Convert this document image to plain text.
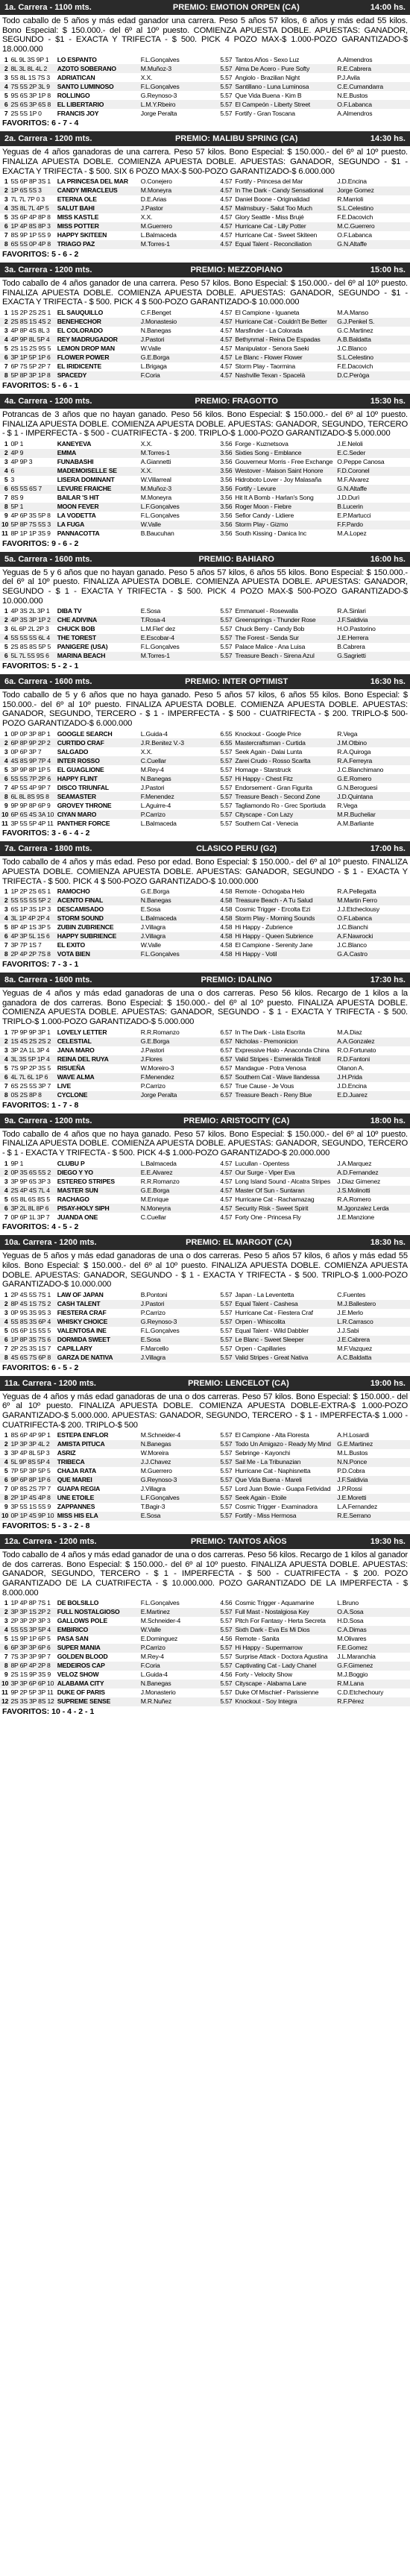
1a. Carrera - 1100 mts.	PREMIO: EMOTION ORPEN (CA)	14:00 hs.
Todo caballo de 5 años y más edad ganador una carrera. Peso 5 años 57 kilos, 6 años y más edad 55 kilos. Bono Especial: $ 150.000.- del 6º al 10º puesto. COMIENZA APUESTA DOBLE. APUESTAS: GANADOR, SEGUNDO - $1 - EXACTA Y TRIFECTA - $ 500. PICK 4 POZO MAX-$ 1.000-POZO GARANTIZADO-$ 18.000.000
1	6L 9L 3S 9P 1	LO ESPANTO	F.L.Gonçalves	5.57	Tantos Años - Sexo Luz	A.Almendros
2	8L 3L 8L 4L 2	AZOTO SOBERANO	M.Muñoz-3	5.57	Alma De Acero - Pure Softy	R.E.Cabrera
3	5S 8L 1S 7S 3	ADRIATICAN	X.X.	5.57	Angiolo - Brazilian Night	P.J.Avila
4	7S 5S 2P 3L 9	SANTO LUMINOSO	F.L.Gonçalves	5.57	Santillano - Luna Luminosa	C.E.Cumandarra
5	9S 6S 3P 1P 8	ROLLINGO	G.Reynoso-3	5.57	Que Vida Buena - Kim B	N.E.Bustos
6	2S 6S 3P 6S 8	EL LIBERTARIO	L.M.Y.Rbeiro	5.57	El Campeón - Liberty Street	O.F.Labanca
7	2S 5S 1P 0	FRANCIS JOY	Jorge Peralta	5.57	Fortify - Gran Toscana	A.Almendros
FAVORITOS: 6 - 7 - 4
2a. Carrera - 1200 mts.	PREMIO: MALIBU SPRING (CA)	14:30 hs.
Yeguas de 4 años ganadoras de una carrera. Peso 57 kilos. Bono Especial: $ 150.000.- del 6º al 10º puesto. FINALIZA APUESTA DOBLE. COMIENZA APUESTA DOBLE. APUESTAS: GANADOR, SEGUNDO - $1 - EXACTA Y TRIFECTA - $ 500. SIX 6 POZO MAX-$ 500-POZO GARANTIZADO-$ 6.000.000
1	5S 6P 8P 3S 1	LA PRINCESA DEL MAR	O.Conejero	4.57	Fortify - Princesa del Mar	J.D.Encina
2	1P 6S 5S 3	CANDY MIRACLEUS	M.Moneyra	4.57	In The Dark - Candy Sensational	Jorge Gomez
3	7L 7L 7P 0 3	ETERNA OLE	D.E.Arias	4.57	Daniel Boone - Originalidad	R.Marrioli
4	3S 8L 7L 4P 5	SALUT BAHI	J.Pastor	4.57	Malmsbury - Salut Too Much	S.L.Celestino
5	3S 6P 4P 8P 8	MISS KASTLE	X.X.	4.57	Glory Seattle - Miss Brujé	F.E.Dacovich
6	1P 4P 8S 8P 3	MISS POTTER	M.Guerrero	4.57	Hurricane Cat - Lilly Potter	M.C.Guerrero
7	8S 9P 1P 5S 9	HAPPY SKITEEN	L.Balmaceda	4.57	Hurricane Cat - Sweet Skiteen	O.F.Labanca
8	6S 5S 0P 4P 8	TRIAGO PAZ	M.Torres-1	4.57	Equal Talent - Reconciliation	G.N.Altaffe
FAVORITOS: 5 - 6 - 2
3a. Carrera - 1200 mts.	PREMIO: MEZZOPIANO	15:00 hs.
Todo caballo de 4 años ganador de una carrera. Peso 57 kilos. Bono Especial: $ 150.000.- del 6º al 10º puesto. FINALIZA APUESTA DOBLE. COMIENZA APUESTA DOBLE. APUESTAS: GANADOR, SEGUNDO - $1 - EXACTA Y TRIFECTA - $ 500. PICK 4 $ 500-POZO GARANTIZADO-$ 10.000.000
1	1S 2P 2S 2S 1	EL SAUQUILLO	C.F.Benget	4.57	El Campione - Iguaneta	M.A.Manso
2	2S 8S 1S 4S 2	BENEHECHOR	J.Monastesio	4.57	Hurricane Cat - Couldn't Be Better	G.J.Penkel S.
3	4P 8P 4S 8L 3	EL COLORADO	N.Banegas	4.57	Marsfinder - La Colorada	G.C.Martinez
4	4P 9P 8L 5P 4	REY MADRUGADOR	J.Pastori	4.57	Bethynmal - Reina De Espadas	A.B.Baldatta
5	2S 1S 2S 9S 5	LEMON DROP MAN	W.Valle	4.57	Manipulator - Senora Saeki	J.C.Blanco
6	3P 1P 5P 1P 6	FLOWER POWER	G.E.Borga	4.57	Le Blanc - Flower Flower	S.L.Celestino
7	6P 7S 5P 2P 7	EL IRIDICENTE	L.Brigaga	4.57	Storm Play - Taormina	F.E.Dacovich
8	5P 8P 3P 1P 8	SPACEDY	F.Coria	4.57	Nashville Texan - Spacelà	D.C.Peròga
FAVORITOS: 5 - 6 - 1
4a. Carrera - 1200 mts.	PREMIO: FRAGOTTO	15:30 hs.
Potrancas de 3 años que no hayan ganado. Peso 56 kilos. Bono Especial: $ 150.000.- del 6º al 10º puesto. FINALIZA APUESTA DOBLE. COMIENZA APUESTA DOBLE. APUESTAS: GANADOR, SEGUNDO, TERCERO - $ 1 - IMPERFECTA - $ 500 - CUATRIFECTA - $ 200. TRIPLO-$ 1.000-POZO GARANTIZADO-$ 5.000.000
1	0P 1	KANEYEVA	X.X.	3.56	Forge - Kuznetsova	J.E.Neloli
2	4P 9	EMMA	M.Torres-1	3.56	Sixties Song - Emblance	E.C.Seder
3	4P 9P 3	FUNABASHI	A.Giannetti	3.56	Gouverneur Morris - Free Exchange	O.Peppe Canosa
4	6	MADEMOISELLE SE	X.X.	3.56	Westover - Maison Saint Honore	F.D.Coronel
5	3	LISERA DOMINANT	W.Villarreal	3.56	Hidroboto Lover - Joy Malasaña	M.F.Alvarez
6	6S 5S 6S 7	LEVURE FRAICHE	M.Muñoz-3	3.56	Fortify - Levure	G.N.Altaffe
7	8S 9	BAILAR 'S HIT	M.Moneyra	3.56	Hit It A Bomb - Harlan's Song	J.D.Durì
8	5P 1	MOON FEVER	L.F.Gonçalves	3.56	Roger Moon - Fiebre	B.Lucerin
9	4P 6P 3S 5P 8	LA VODETTA	F.L.Gonçalves	3.56	Sefior Candy - Lidiere	E.P.Martucci
10	5P 8P 7S 5S 3	LA FUGA	W.Valle	3.56	Storm Play - Gizmo	F.F.Pardo
11	8P 1P 1P 3S 9	PANNACOTTA	B.Baucuhan	3.56	South Kissing - Danica Inc	M.A.Lopez
FAVORITOS: 9 - 6 - 2
5a. Carrera - 1600 mts.	PREMIO: BAHIARO	16:00 hs.
Yeguas de 5 y 6 años que no hayan ganado. Peso 5 años 57 kilos, 6 años 55 kilos. Bono Especial: $ 150.000.- del 6º al 10º puesto. FINALIZA APUESTA DOBLE. COMIENZA APUESTA DOBLE. APUESTAS: GANADOR, SEGUNDO - $ 1 - EXACTA Y TRIFECTA - $ 500. PICK 4 POZO MAX-$ 500-POZO GARANTIZADO-$ 10.000.000
1	4P 3S 2L 3P 1	DIBA TV	E.Sosa	5.57	Emmanuel - Rosewalla	R.A.Sinlari
2	4P 3S 3P 1P 2	CHE ADIVINA	T.Rosa-4	5.57	Greensprings - Thunder Rose	J.F.Saldivia
3	6L 6P 2L 2P 3	CHUCK BOB	L.M.Flet' dez	5.57	Chuck Berry - Candy Bob	H.O.Pastorino
4	5S 5S 5S 6L 4	THE TOREST	E.Escobar-4	5.57	The Forest - Senda Sur	J.E.Herrera
5	2S 8S 8S 5P 5	PANIGERE (USA)	F.L.Gonçalves	5.57	Palace Malice - Ana Luisa	B.Cabrera
6	5L 7L 5S 9S 6	MARINA BEACH	M.Torres-1	5.57	Treasure Beach - Sirena Azul	G.Sagrietti
FAVORITOS: 5 - 2 - 1
6a. Carrera - 1600 mts.	PREMIO: INTER OPTIMIST	16:30 hs.
Todo caballo de 5 y 6 años que no haya ganado. Peso 5 años 57 kilos, 6 años 55 kilos. Bono Especial: $ 150.000.- del 6º al 10º puesto. FINALIZA APUESTA DOBLE. COMIENZA APUESTA DOBLE. APUESTAS: GANADOR, SEGUNDO, TERCERO - $ 1 - IMPERFECTA - $ 500 - CUATRIFECTA - $ 200. TRIPLO-$ 500-POZO GARANTIZADO-$ 6.000.000
1	0P 0P 3P 8P 1	GOOGLE SEARCH	L.Guida-4	6.55	Knockout - Google Price	R.Vega
2	6P 8P 9P 2P 2	CURTIDO CRAF	J.R.Benitez V.-3	6.55	Mastercraftsman - Curtida	J.M.Otbino
3	0P 6P 3P 7	SALGADO	X.X.	5.57	Seek Again - Dalai Lunta	R.A.Quiroga
4	4S 8S 9P 7P 4	INTER ROSSO	C.Cuellar	5.57	Zarei Crudo - Rosso Scarlta	R.A.Ferreyra
5	3P 9P 8P 1P 5	EL GUAGLIONE	M.Rey-4	5.57	Homage - Starstruck	J.C.Blanchimano
6	5S 5S 7P 2P 6	HAPPY FLINT	N.Banegas	5.57	Hi Happy - Chest Fitz	G.E.Romero
7	4P 5S 4P 9P 7	DISCO TRIUNFAL	J.Pastori	5.57	Endorsement - Gran Figurita	G.N.Beroguesi
8	6L 8L 8S 9S 8	SEAMASTER	F.Menendez	5.57	Treasure Beach - Second Zone	J.D.Quintana
9	9P 9P 8P 6P 9	GROVEY THRONE	L.Aguirre-4	5.57	Tagliamondo Ro - Grec Sportiuda	R.Vega
10	6P 6S 4S 3A 10	CIYAN MARO	P.Carrizo	5.57	Cityscape - Con Lazy	M.R.Bucheliar
11	3P 5S 5P 4P 11	PANTHER FORCE	L.Balmaceda	5.57	Southern Cat - Venecia	A.M.Barliante
FAVORITOS: 3 - 6 - 4 - 2
7a. Carrera - 1800 mts.	CLASICO PERU (G2)	17:00 hs.
Todo caballo de 4 años y más edad. Peso por edad. Bono Especial: $ 150.000.- del 6º al 10º puesto. FINALIZA APUESTA DOBLE. COMIENZA APUESTA DOBLE. APUESTAS: GANADOR, SEGUNDO - $ 1 - EXACTA Y TRIFECTA - $ 500. PICK 4 $ 500-POZO GARANTIZADO-$ 10.000.000
1	1P 2P 2S 6S 1	RAMOCHO	G.E.Borga	4.58	Remote - Ochogaba Helo	R.A.Pellegatta
2	5S 5S 5S 5P 2	ACENTO FINAL	N.Banegas	4.58	Treasure Beach - A Tu Salud	M.Martin Ferro
3	6S 1P 3S 1P 3	DESCAMISADO	E.Sosa	4.58	Cosmic Trigger - Ercolta Ezi	J.J.Etcheclousy
4	3L 1P 4P 2P 4	STORM SOUND	L.Balmaceda	4.58	Storm Play - Morning Sounds	O.F.Labanca
5	8P 4P 1S 3P 5	ZUBIN ZUBRIENCE	J.Villagra	4.58	Hi Happy - Zubrience	J.C.Bianchi
6	4P 3P 5L 1S 6	HAPPY SUBRIENCE	J.Villagra	4.58	Hi Happy - Queen Subrience	A.F.Nawrocki
7	3P 7P 1S 7	EL EXITO	W.Valle	4.58	El Campione - Serenity Jane	J.C.Blanco
8	2P 4P 2P 7S 8	VOTA BIEN	F.L.Gonçalves	4.58	Hi Happy - Votil	G.A.Castro
FAVORITOS: 7 - 3 - 1
8a. Carrera - 1600 mts.	PREMIO: IDALINO	17:30 hs.
Yeguas de 4 años y más edad ganadoras de una o dos carreras. Peso 56 kilos. Recargo de 1 kilos a la ganadora de dos carreras. Bono Especial: $ 150.000.- del 6º al 10º puesto. FINALIZA APUESTA DOBLE. COMIENZA APUESTA DOBLE. APUESTAS: GANADOR, SEGUNDO - $ 1 - EXACTA Y TRIFECTA - $ 500. TRIPLO-$ 1.000-POZO GARANTIZADO-$ 5.000.000
1	7P 9P 9P 3P 1	LOVELY LETTER	R.R.Romanzo	6.57	In The Dark - Lista Escrita	M.A.Diaz
2	1S 4S 2S 2S 2	CELESTIAL	G.E.Borga	6.57	Nicholas - Premonicion	A.A.Gonzalez
3	3P 2A 1L 3P 4	JANA MARO	J.Pastori	6.57	Expressive Halo - Anaconda China	R.O.Fortunato
4	3L 3S 5P 1P 4	REINA DEL RUYA	J.Flores	6.57	Valid Stripes - Esmeralda Tintoll	R.D.Fantoni
5	7S 9P 2P 3S 5	RISUEÑA	W.Moreiro-3	6.57	Mandague - Potra Venosa	Olanon A.
6	4L 7L 6L 1P 6	WAVE ALMA	F.Menendez	6.57	Southern Cat - Wave Ilandessa	J.H.Prida
7	6S 2S 5S 3P 7	LIVE	P.Carrizo	6.57	True Cause - Je Vous	J.D.Encina
8	0S 2S 8P 8	CYCLONE	Jorge Peralta	6.57	Treasure Beach - Reny Blue	E.D.Juarez
FAVORITOS: 1 - 7 - 8
9a. Carrera - 1200 mts.	PREMIO: ARISTOCITY (CA)	18:00 hs.
Todo caballo de 4 años que no haya ganado. Peso 57 kilos. Bono Especial: $ 150.000.- del 6º al 10º puesto. FINALIZA APUESTA DOBLE. COMIENZA APUESTA DOBLE. APUESTAS: GANADOR, SEGUNDO, TERCERO - $ 1 - EXACTA Y TRIFECTA - $ 500. PICK 4-$ 1.000-POZO GARANTIZADO-$ 20.000.000
1	9P 1	CLUBU P	L.Balmaceda	4.57	Lucullan - Opentess	J.A.Marquez
2	0P 3S 6S 5S 2	DIEGO Y YO	E.E.Alvarez	4.57	Our Surge - Viper Eva	A.D.Fernandez
3	3P 9P 6S 3P 3	ESTEREO STRIPES	R.R.Romanzo	4.57	Long Island Sound - Alcatra Stripes	J.Diaz Gimenez
4	2S 4P 4S 7L 4	MASTER SUN	G.E.Borga	4.57	Master Of Sun - Suntaran	J.S.Molinotti
5	6S 8L 6S 8S 5	RACHAGO	M.Enrique	4.57	Hurricane Cat - Rachamazag	R.A.Romero
6	3P 2L 8L 8P 6	PISAY-HOLY SIPH	N.Moneyra	4.57	Security Risk - Sweet Spirit	M.Jgonzalez Lerda
7	0P 6P 1L 3P 7	JUANDA ONE	C.Cuellar	4.57	Forty One - Princesa Fly	J.E.Manzione
FAVORITOS: 4 - 5 - 2
10a. Carrera - 1200 mts.	PREMIO: EL MARGOT (CA)	18:30 hs.
Yeguas de 5 años y más edad ganadoras de una o dos carreras. Peso 5 años 57 kilos, 6 años y más edad 55 kilos. Bono Especial: $ 150.000.- del 6º al 10º puesto. FINALIZA APUESTA DOBLE. COMIENZA APUESTA DOBLE. APUESTAS: GANADOR, SEGUNDO - $ 1 - EXACTA Y TRIFECTA - $ 500. TRIPLO-$ 1.000-POZO GARANTIZADO-$ 10.000.000
1	2P 4S 5S 7S 1	LAW OF JAPAN	B.Pontoni	5.57	Japan - La Leventetta	C.Fuentes
2	8P 4S 1S 7S 2	CASH TALENT	J.Pastori	5.57	Equal Talent - Cashesa	M.J.Ballestero
3	0P 9S 3S 9S 3	FIESTERA CRAF	P.Carrizo	5.57	Hurricane Cat - Fiestera Craf	J.E.Merlo
4	5S 8S 3S 6P 4	WHISKY CHOICE	G.Reynoso-3	5.57	Orpen - Whiscolita	L.R.Carrasco
5	0S 6P 1S 5S 5	VALENTOSA INE	F.L.Gonçalves	5.57	Equal Talent - Wild Dabbler	J.J.Sabi
6	1P 8P 3S 7S 6	DORMIDA SWEET	E.Sosa	5.57	Le Blanc - Sweet Sleeper	J.E.Cabrera
7	2P 2S 3S 1S 7	CAPILLARY	F.Marcello	5.57	Orpen - Capillaries	M.F.Vazquez
8	4S 6S 7S 6P 8	GARZA DE NATIVA	J.Villagra	5.57	Valid Stripes - Great Nativa	A.C.Baldatta
FAVORITOS: 6 - 5 - 2
11a. Carrera - 1200 mts.	PREMIO: LENCELOT (CA)	19:00 hs.
Yeguas de 4 años y más edad ganadoras de una o dos carreras. Peso 57 kilos. Bono Especial: $ 150.000.- del 6º al 10º puesto. FINALIZA APUESTA DOBLE. COMIENZA APUESTA DOBLE-EXTRA-$ 1.000-POZO GARANTIZADO-$ 5.000.000. APUESTAS: GANADOR, SEGUNDO, TERCERO - $ 1 - IMPERFECTA-$ 1.000 - CUATRIFECTA-$ 200. TRIPLO-$ 500
1	8S 6P 4P 9P 1	ESTEPA ENFLOR	M.Schneider-4	5.57	El Campione - Alta Floresta	A.H.Losardi
2	1P 3P 3P 4L 2	AMISTA PITUCA	N.Banegas	5.57	Todo Un Amigazo - Ready My Mind	G.E.Martinez
3	3P 4P 8L 5P 3	ASRIZ	W.Moreira	5.57	Sebringe - Kayonchi	M.L.Bustos
4	5L 9P 8S 5P 4	TRIBECA	J.J.Chavez	5.57	Sail Me - La Tribunazian	N.N.Ponce
5	7P 5P 3P 5P 5	CHAJA RATA	M.Guerrero	5.57	Hurricane Cat - Naphisnetta	P.D.Cobra
6	9P 6P 8P 1P 6	QUE MAREI	G.Reynoso-3	5.57	Que Vida Buena - Mareli	J.F.Saldivia
7	0P 8S 2S 7P 7	GUAPA REGIA	J.Villagra	5.57	Lord Juan Bowie - Guapa Fetividad	J.P.Rossi
8	2P 1P 4S 4P 8	UNE ETOILE	L.F.Gonçalves	5.57	Seek Again - Etoile	J.E.Moretti
9	3P 5S 1S 5S 9	ZAPPANNES	T.Bagir-3	5.57	Cosmic Trigger - Examinadora	L.A.Fernandez
10	0P 1P 4S 9P 10	MISS HIS ELA	E.Sosa	5.57	Fortify - Miss Hermosa	R.E.Serrano
FAVORITOS: 5 - 3 - 2 - 8
12a. Carrera - 1200 mts.	PREMIO: TANTOS AÑOS	19:30 hs.
Todo caballo de 4 años y más edad ganador de una o dos carreras. Peso 56 kilos. Recargo de 1 kilos al ganador de dos carreras. Bono Especial: $ 150.000.- del 6º al 10º puesto. FINALIZA APUESTA DOBLE. APUESTAS: GANADOR, SEGUNDO, TERCERO - $ 1 - IMPERFECTA - $ 500 - CUATRIFECTA - $ 200. POZO GARANTIZADO DE LA CUATRIFECTA - $ 10.000.000. POZO GARANTIZADO DE LA IMPERFECTA - $ 8.000.000
1	1P 4P 8P 7S 1	DE BOLSILLO	F.L.Gonçalves	4.56	Cosmic Trigger - Aquamarine	L.Bruno
2	3P 3P 1S 2P 2	FULL NOSTALGIOSO	E.Martinez	5.57	Full Mast - Nostalgiosa Key	O.A.Sosa
3	2P 3P 2P 3P 3	GALLOWS POLE	M.Schneider-4	5.57	Pitch For Fantasy - Herta Secreta	H.D.Sosa
4	5S 5S 3P 5P 4	EMBIRICO	W.Valle	5.57	Sixth Dark - Eva Es Mi Dios	C.A.Dimas
5	1S 9P 1P 6P 5	PASA SAN	E.Dominguez	4.56	Remote - Sanita	M.Olivares
6	6P 3P 3P 6P 6	SUPER MANIA	P.Carrizo	5.57	Hi Happy - Supermarrow	F.E.Gomez
7	7S 3P 3P 9P 7	GOLDEN BLOOD	M.Rey-4	5.57	Surprise Attack - Doctora Agustina	J.L.Maranchia
8	8P 6P 4P 2P 8	MEDEIROS CAP	F.Coria	5.57	Captivating Cat - Lady Chanel	G.F.Gimenez
9	2S 1S 9P 3S 9	VELOZ SHOW	L.Guida-4	4.56	Forty - Velocity Show	M.J.Boggio
10	3P 3P 6P 6P 10	ALABAMA CITY	N.Banegas	5.57	Cityscape - Alabama Lane	R.M.Lana
11	9P 2P 5P 3P 11	DUKE OF PARIS	J.Monasterio	5.57	Duke Of Mischief - Parissienne	C.D.Etchechoury
12	2S 3S 3P 8S 12	SUPREME SENSE	M.R.Nuñez	5.57	Knockout - Soy Integra	R.F.Pérez
FAVORITOS: 10 - 4 - 2 - 1
